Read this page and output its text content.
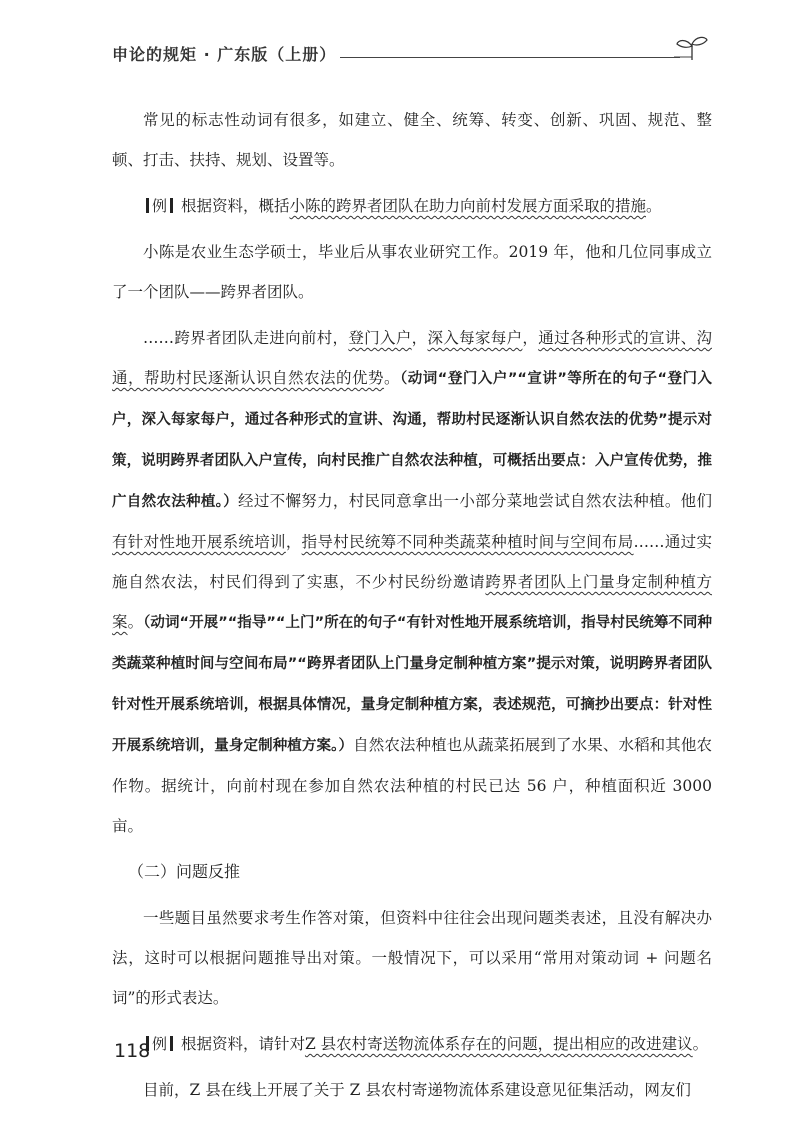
申论的规矩 · 广东版（上册）

常见的标志性动词有很多，如建立、健全、统筹、转变、创新、巩固、规范、整顿、打击、扶持、规划、设置等。

例 根据资料，概括小陈的跨界者团队在助力向前村发展方面采取的措施。

小陈是农业生态学硕士，毕业后从事农业研究工作。2019 年，他和几位同事成立了一个团队——跨界者团队。

……跨界者团队走进向前村，登门入户，深入每家每户，通过各种形式的宣讲、沟通，帮助村民逐渐认识自然农法的优势。（动词“登门入户”“宣讲”等所在的句子“登门入户，深入每家每户，通过各种形式的宣讲、沟通，帮助村民逐渐认识自然农法的优势”提示对策，说明跨界者团队入户宣传，向村民推广自然农法种植，可概括出要点：入户宣传优势，推广自然农法种植。）经过不懈努力，村民同意拿出一小部分菜地尝试自然农法种植。他们有针对性地开展系统培训，指导村民统筹不同种类蔬菜种植时间与空间布局……通过实施自然农法，村民们得到了实惠，不少村民纷纷邀请跨界者团队上门量身定制种植方案。（动词“开展”“指导”“上门”所在的句子“有针对性地开展系统培训，指导村民统筹不同种类蔬菜种植时间与空间布局”“跨界者团队上门量身定制种植方案”提示对策，说明跨界者团队针对性开展系统培训，根据具体情况，量身定制种植方案，表述规范，可摘抄出要点：针对性开展系统培训，量身定制种植方案。）自然农法种植也从蔬菜拓展到了水果、水稻和其他农作物。据统计，向前村现在参加自然农法种植的村民已达 56 户，种植面积近 3000 亩。

（二）问题反推

一些题目虽然要求考生作答对策，但资料中往往会出现问题类表述，且没有解决办法，这时可以根据问题推导出对策。一般情况下，可以采用“常用对策动词 + 问题名词”的形式表达。

例 根据资料，请针对Z 县农村寄送物流体系存在的问题，提出相应的改进建议。

目前，Z 县在线上开展了关于 Z 县农村寄递物流体系建设意见征集活动，网友们

118
